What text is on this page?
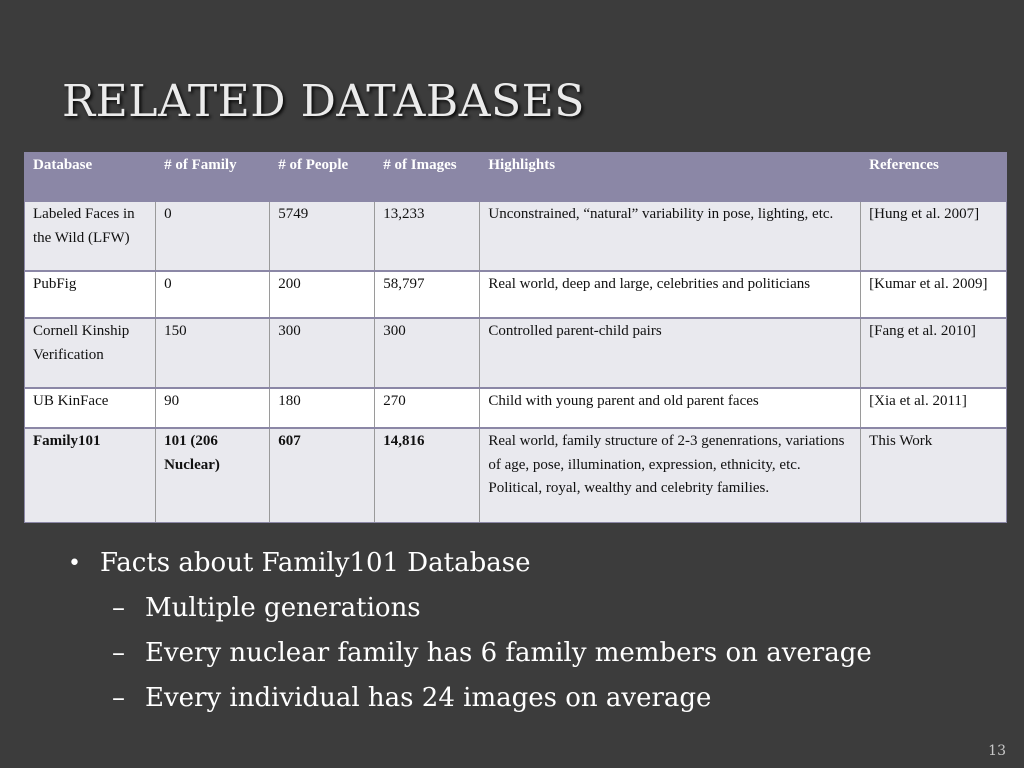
RELATED DATABASES
Database	# of Family	# of People	# of Images	Highlights	References
Labeled Faces in the Wild (LFW)	0	5749	13,233	Unconstrained, “natural” variability in pose, lighting, etc.	[Hung et al. 2007]
PubFig	0	200	58,797	Real world, deep and large, celebrities and politicians	[Kumar et al. 2009]
Cornell Kinship Verification	150	300	300	Controlled parent-child pairs	[Fang et al. 2010]
UB KinFace	90	180	270	Child with young parent and old parent faces	[Xia et al. 2011]
Family101	101 (206 Nuclear)	607	14,816	Real world, family structure of 2-3 genenrations, variations of age, pose, illumination, expression, ethnicity, etc. Political, royal, wealthy and celebrity families.	This Work
• Facts about Family101 Database
– Multiple generations
– Every nuclear family has 6 family members on average
– Every individual has 24 images on average
13
